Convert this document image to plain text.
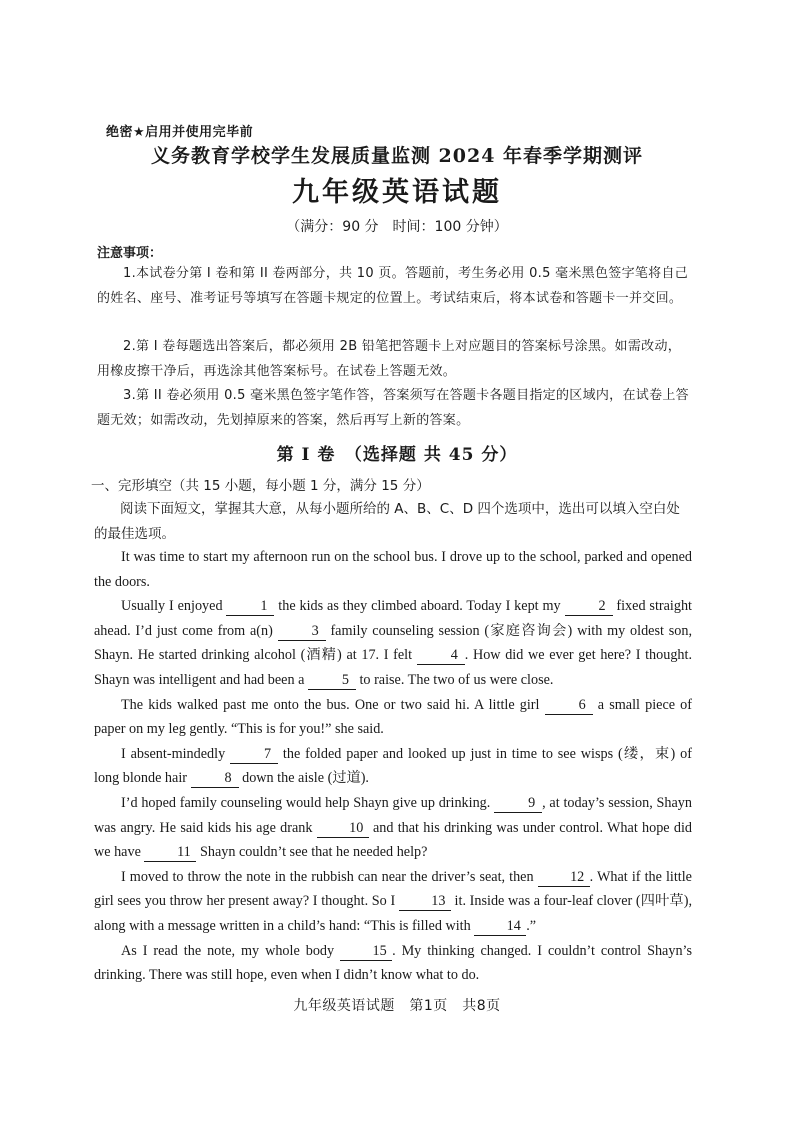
绝密★启用并使用完毕前
义务教育学校学生发展质量监测 2024 年春季学期测评
九年级英语试题
（满分：90 分　时间：100 分钟）
注意事项：
1.本试卷分第 I 卷和第 II 卷两部分，共 10 页。答题前，考生务必用 0.5 毫米黑色签字笔将自己的姓名、座号、准考证号等填写在答题卡规定的位置上。考试结束后，将本试卷和答题卡一并交回。
2.第 I 卷每题选出答案后，都必须用 2B 铅笔把答题卡上对应题目的答案标号涂黑。如需改动，用橡皮擦干净后，再选涂其他答案标号。在试卷上答题无效。
3.第 II 卷必须用 0.5 毫米黑色签字笔作答，答案须写在答题卡各题目指定的区域内，在试卷上答题无效；如需改动，先划掉原来的答案，然后再写上新的答案。
第 I 卷　（选择题 共 45 分）
一、完形填空（共 15 小题，每小题 1 分，满分 15 分）
阅读下面短文，掌握其大意，从每小题所给的 A、B、C、D 四个选项中，选出可以填入空白处的最佳选项。

It was time to start my afternoon run on the school bus. I drove up to the school, parked and opened the doors.

Usually I enjoyed 1 the kids as they climbed aboard. Today I kept my 2 fixed straight ahead. I’d just come from a(n) 3 family counseling session (家庭咨询会) with my oldest son, Shayn. He started drinking alcohol (酒精) at 17. I felt 4 . How did we ever get here? I thought. Shayn was intelligent and had been a 5 to raise. The two of us were close.

The kids walked past me onto the bus. One or two said hi. A little girl 6 a small piece of paper on my leg gently. “This is for you!” she said.

I absent-mindedly 7 the folded paper and looked up just in time to see wisps (缕，束) of long blonde hair 8 down the aisle (过道).

I’d hoped family counseling would help Shayn give up drinking. 9 , at today’s session, Shayn was angry. He said kids his age drank 10 and that his drinking was under control. What hope did we have 11 Shayn couldn’t see that he needed help?

I moved to throw the note in the rubbish can near the driver’s seat, then 12 . What if the little girl sees you throw her present away? I thought. So I 13 it. Inside was a four-leaf clover (四叶草), along with a message written in a child’s hand: “This is filled with 14 .”

As I read the note, my whole body 15 . My thinking changed. I couldn’t control Shayn’s drinking. There was still hope, even when I didn’t know what to do.

九年级英语试题　第1页　共8页
